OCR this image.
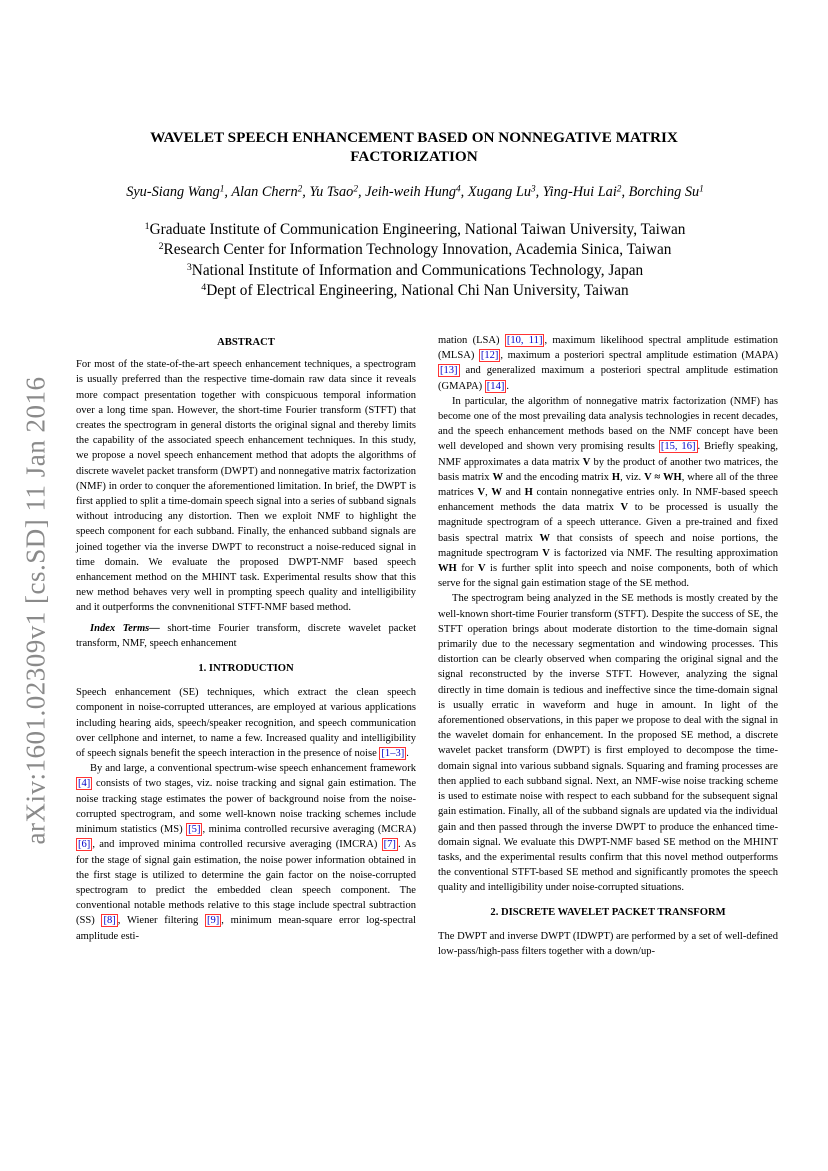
arXiv:1601.02309v1 [cs.SD] 11 Jan 2016
WAVELET SPEECH ENHANCEMENT BASED ON NONNEGATIVE MATRIX
FACTORIZATION
Syu-Siang Wang$^1$, Alan Chern$^2$, Yu Tsao$^2$, Jeih-weih Hung$^4$, Xugang Lu$^3$, Ying-Hui Lai$^2$, Borching Su$^1$
$^1$Graduate Institute of Communication Engineering, National Taiwan University, Taiwan
$^2$Research Center for Information Technology Innovation, Academia Sinica, Taiwan
$^3$National Institute of Information and Communications Technology, Japan
$^4$Dept of Electrical Engineering, National Chi Nan University, Taiwan
ABSTRACT

For most of the state-of-the-art speech enhancement techniques, a spectrogram is usually preferred than the respective time-domain raw data since it reveals more compact presentation together with conspicuous temporal information over a long time span. However, the short-time Fourier transform (STFT) that creates the spectrogram in general distorts the original signal and thereby limits the capability of the associated speech enhancement techniques. In this study, we propose a novel speech enhancement method that adopts the algorithms of discrete wavelet packet transform (DWPT) and nonnegative matrix factorization (NMF) in order to conquer the aforementioned limitation. In brief, the DWPT is first applied to split a time-domain speech signal into a series of subband signals without introducing any distortion. Then we exploit NMF to highlight the speech component for each subband. Finally, the enhanced subband signals are joined together via the inverse DWPT to reconstruct a noise-reduced signal in time domain. We evaluate the proposed DWPT-NMF based speech enhancement method on the MHINT task. Experimental results show that this new method behaves very well in prompting speech quality and intelligibility and it outperforms the convnenitional STFT-NMF based method.

Index Terms— short-time Fourier transform, discrete wavelet packet transform, NMF, speech enhancement

1. INTRODUCTION

Speech enhancement (SE) techniques, which extract the clean speech component in noise-corrupted utterances, are employed at various applications including hearing aids, speech/speaker recognition, and speech communication over cellphone and internet, to name a few. Increased quality and intelligibility of speech signals benefit the speech interaction in the presence of noise [1–3] .

By and large, a conventional spectrum-wise speech enhancement framework [4] consists of two stages, viz. noise tracking and signal gain estimation. The noise tracking stage estimates the power of background noise from the noise-corrupted spectrogram, and some well-known noise tracking schemes include minimum statistics (MS) [5] , minima controlled recursive averaging (MCRA) [6] , and improved minima controlled recursive averaging (IMCRA) [7] . As for the stage of signal gain estimation, the noise power information obtained in the first stage is utilized to determine the gain factor on the noise-corrupted spectrogram to predict the embedded clean speech component. The conventional notable methods relative to this stage include spectral subtraction (SS) [8] , Wiener filtering [9] , minimum mean-square error log-spectral amplitude esti-

mation (LSA) [10, 11] , maximum likelihood spectral amplitude estimation (MLSA) [12] , maximum a posteriori spectral amplitude estimation (MAPA) [13] and generalized maximum a posteriori spectral amplitude estimation (GMAPA) [14] .

In particular, the algorithm of nonnegative matrix factorization (NMF) has become one of the most prevailing data analysis technologies in recent decades, and the speech enhancement methods based on the NMF concept have been well developed and shown very promising results [15, 16] . Briefly speaking, NMF approximates a data matrix V by the product of another two matrices, the basis matrix W and the encoding matrix H, viz. V ≈ WH, where all of the three matrices V, W and H contain nonnegative entries only. In NMF-based speech enhancement methods the data matrix V to be processed is usually the magnitude spectrogram of a speech utterance. Given a pre-trained and fixed basis spectral matrix W that consists of speech and noise portions, the magnitude spectrogram V is factorized via NMF. The resulting approximation WH for V is further split into speech and noise components, both of which serve for the signal gain estimation stage of the SE method.

The spectrogram being analyzed in the SE methods is mostly created by the well-known short-time Fourier transform (STFT). Despite the success of SE, the STFT operation brings about moderate distortion to the time-domain signal primarily due to the necessary segmentation and windowing processes. This distortion can be clearly observed when comparing the original signal and the signal reconstructed by the inverse STFT. However, analyzing the signal directly in time domain is tedious and ineffective since the time-domain signal is usually erratic in waveform and huge in amount. In light of the aforementioned observations, in this paper we propose to deal with the signal in the wavelet domain for enhancement. In the proposed SE method, a discrete wavelet packet transform (DWPT) is first employed to decompose the time-domain signal into various subband signals. Squaring and framing processes are then applied to each subband signal. Next, an NMF-wise noise tracking scheme is used to estimate noise with respect to each subband for the subsequent signal gain estimation. Finally, all of the subband signals are updated via the individual gain and then passed through the inverse DWPT to produce the enhanced time-domain signal. We evaluate this DWPT-NMF based SE method on the MHINT tasks, and the experimental results confirm that this novel method outperforms the conventional STFT-based SE method and significantly promotes the speech quality and intelligibility under noise-corrupted situations.

2. DISCRETE WAVELET PACKET TRANSFORM

The DWPT and inverse DWPT (IDWPT) are performed by a set of well-defined low-pass/high-pass filters together with a down/up-
